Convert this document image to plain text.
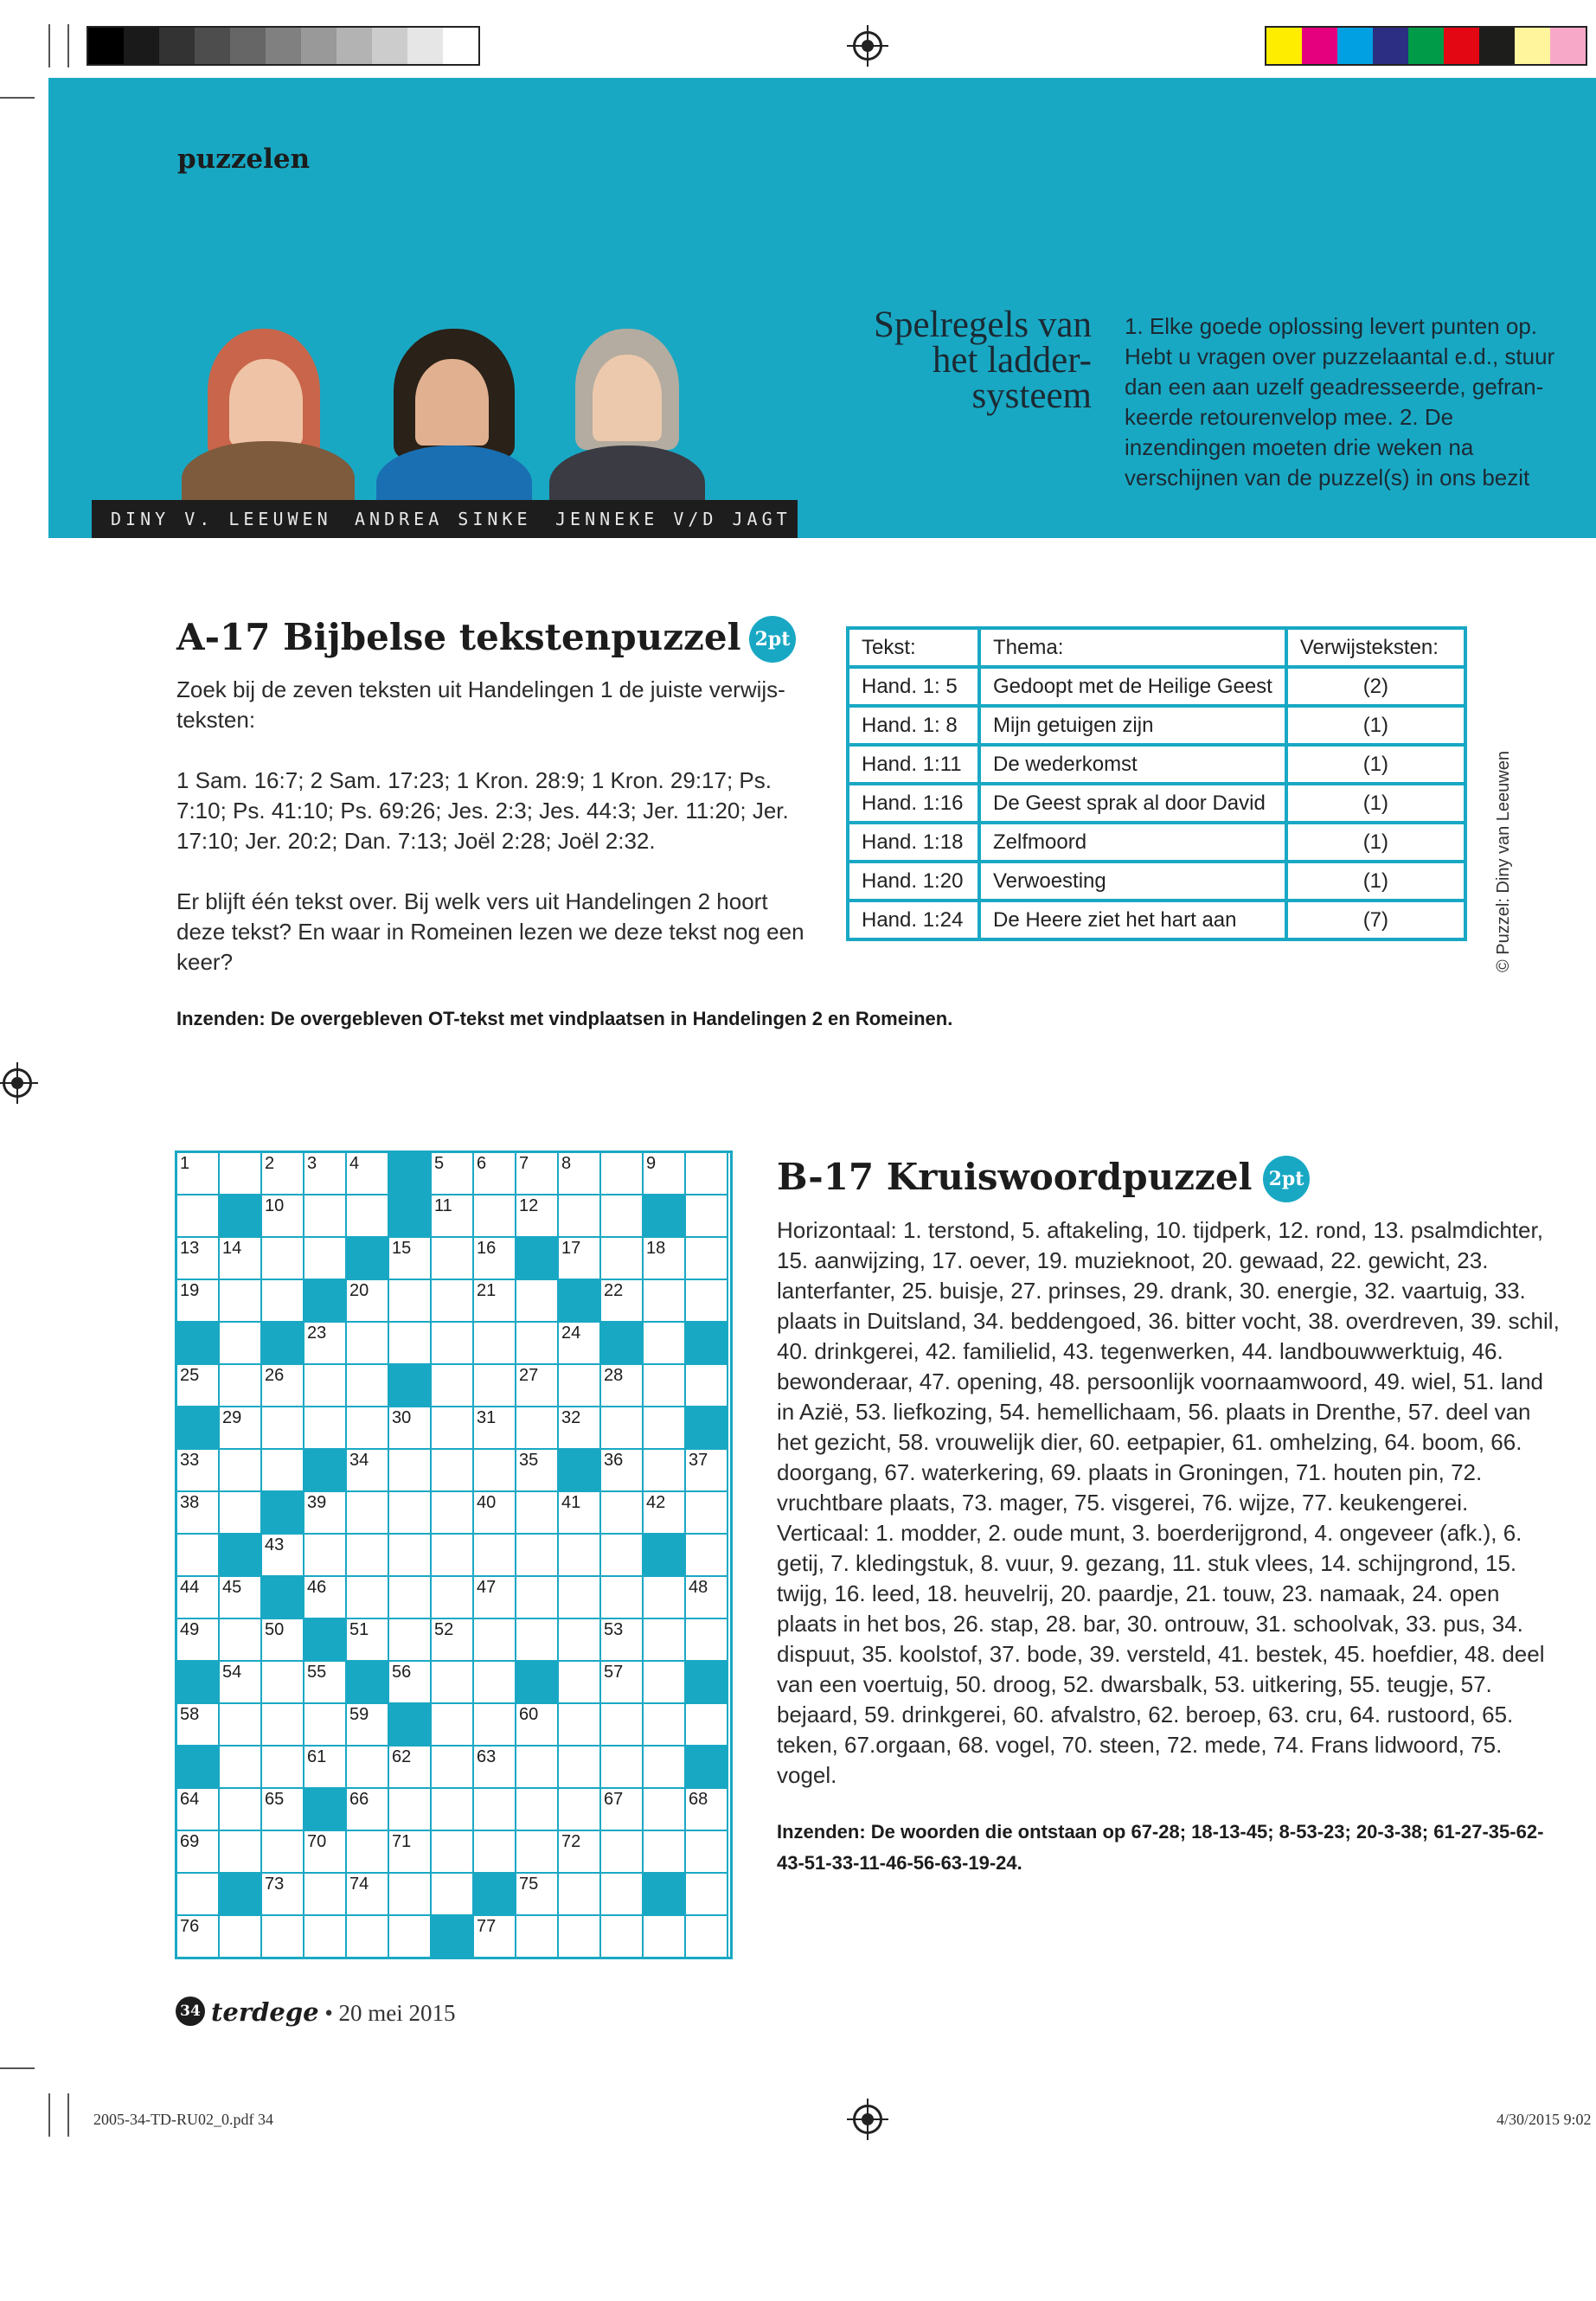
puzzelen
DINY V. LEEUWEN ANDREA SINKE JENNEKE V/D JAGT
Spelregels van het ladder-systeem
1. Elke goede oplossing levert punten op. Hebt u vragen over puzzelaantal e.d., stuur dan een aan uzelf geadresseerde, gefran-keerde retourenvelop mee. 2. De inzendingen moeten drie weken na verschijnen van de puzzel(s) in ons bezit
A-17 Bijbelse tekstenpuzzel 2pt

Zoek bij de zeven teksten uit Handelingen 1 de juiste verwijs-teksten:

1 Sam. 16:7; 2 Sam. 17:23; 1 Kron. 28:9; 1 Kron. 29:17; Ps. 7:10; Ps. 41:10; Ps. 69:26; Jes. 2:3; Jes. 44:3; Jer. 11:20; Jer. 17:10; Jer. 20:2; Dan. 7:13; Joël 2:28; Joël 2:32.

Er blijft één tekst over. Bij welk vers uit Handelingen 2 hoort deze tekst? En waar in Romeinen lezen we deze tekst nog een keer?

Tekst:	Thema:	Verwijsteksten:
Hand. 1: 5	Gedoopt met de Heilige Geest	(2)
Hand. 1: 8	Mijn getuigen zijn	(1)
Hand. 1:11	De wederkomst	(1)
Hand. 1:16	De Geest sprak al door David	(1)
Hand. 1:18	Zelfmoord	(1)
Hand. 1:20	Verwoesting	(1)
Hand. 1:24	De Heere ziet het hart aan	(7)	© Puzzel: Diny van Leeuwen
Inzenden: De overgebleven OT-tekst met vindplaatsen in Handelingen 2 en Romeinen.
1	2 3 4	5 6 7 8	9
10	11	12
13 14	15	16	17	18
19	20	21	22
23	24
25	26	27	28
29	30	31	32
33	34	35	36	37
38	39	40	41	42
43
44 45	46	47	48
49	50	51	52	53
54	55	56	57
58	59	60
61	62	63
64	65	66	67	68
69	70	71	72
73	74	75
76	77
B-17 Kruiswoordpuzzel 2pt
Horizontaal: 1. terstond, 5. aftakeling, 10. tijdperk, 12. rond, 13. psalmdichter, 15. aanwijzing, 17. oever, 19. muzieknoot, 20. gewaad, 22. gewicht, 23. lanterfanter, 25. buisje, 27. prinses, 29. drank, 30. energie, 32. vaartuig, 33. plaats in Duitsland, 34. beddengoed, 36. bitter vocht, 38. overdreven, 39. schil, 40. drinkgerei, 42. familielid, 43. tegenwerken, 44. landbouwwerktuig, 46. bewonderaar, 47. opening, 48. persoonlijk voornaamwoord, 49. wiel, 51. land in Azië, 53. liefkozing, 54. hemellichaam, 56. plaats in Drenthe, 57. deel van het gezicht, 58. vrouwelijk dier, 60. eetpapier, 61. omhelzing, 64. boom, 66. doorgang, 67. waterkering, 69. plaats in Groningen, 71. houten pin, 72. vruchtbare plaats, 73. mager, 75. visgerei, 76. wijze, 77. keukengerei. Verticaal: 1. modder, 2. oude munt, 3. boerderijgrond, 4. ongeveer (afk.), 6. getij, 7. kledingstuk, 8. vuur, 9. gezang, 11. stuk vlees, 14. schijngrond, 15. twijg, 16. leed, 18. heuvelrij, 20. paardje, 21. touw, 23. namaak, 24. open plaats in het bos, 26. stap, 28. bar, 30. ontrouw, 31. schoolvak, 33. pus, 34. dispuut, 35. koolstof, 37. bode, 39. versteld, 41. bestek, 45. hoefdier, 48. deel van een voertuig, 50. droog, 52. dwarsbalk, 53. uitkering, 55. teugje, 57. bejaard, 59. drinkgerei, 60. afvalstro, 62. beroep, 63. cru, 64. rustoord, 65. teken, 67.orgaan, 68. vogel, 70. steen, 72. mede, 74. Frans lidwoord, 75. vogel.
Inzenden: De woorden die ontstaan op 67-28; 18-13-45; 8-53-23; 20-3-38; 61-27-35-62-43-51-33-11-46-56-63-19-24.
34 terdege • 20 mei 2015
2005-34-TD-RU02_0.pdf 34	4/30/2015 9:02
